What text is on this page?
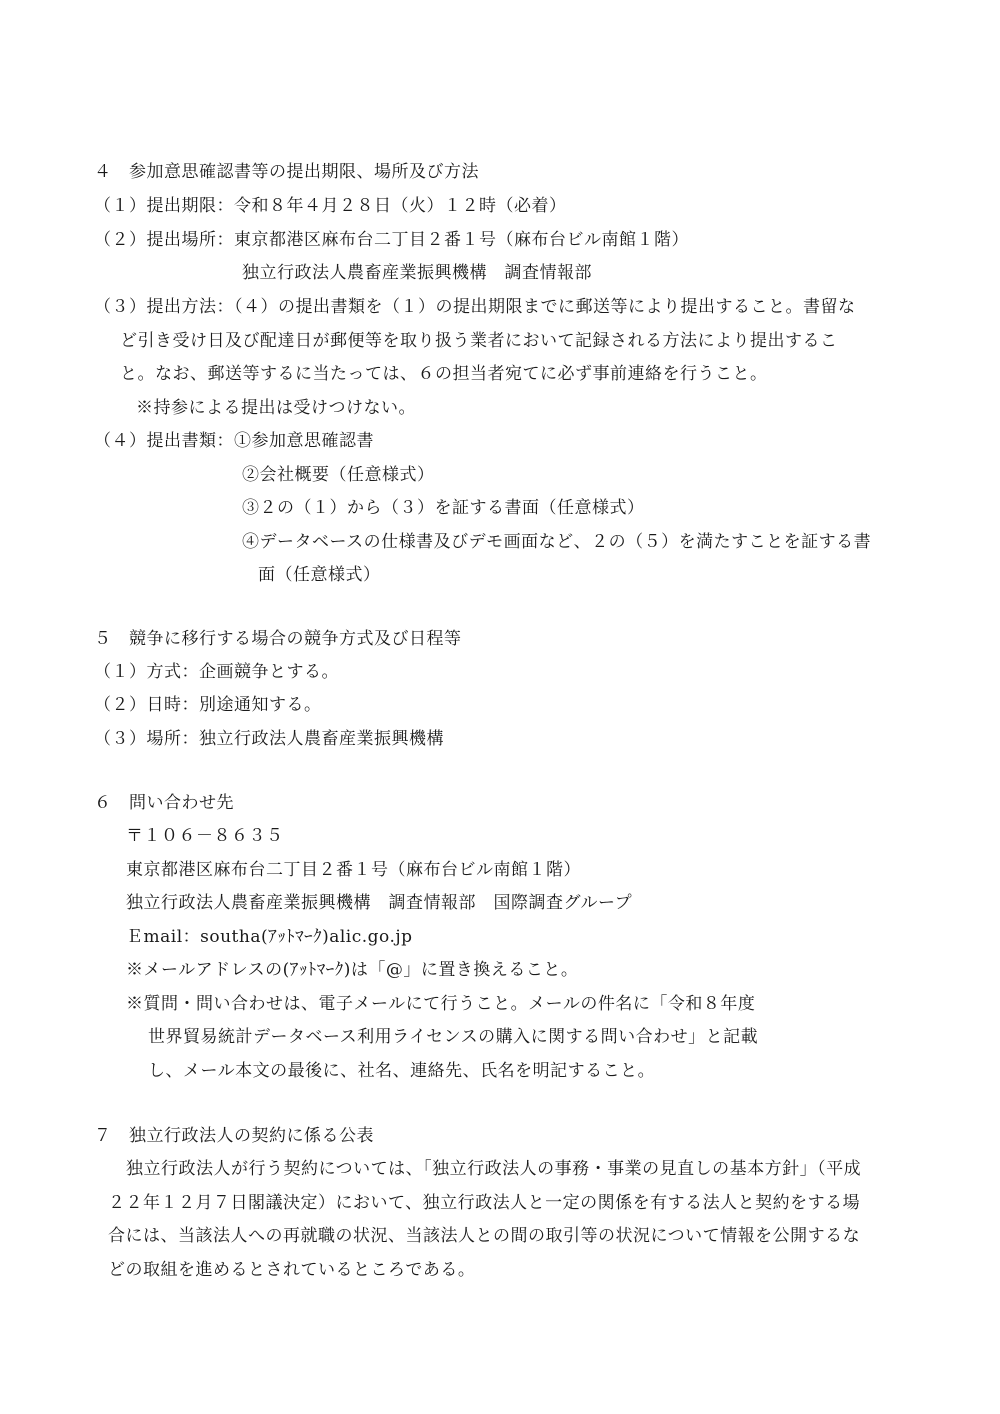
４　参加意思確認書等の提出期限、場所及び方法
（１）提出期限：令和８年４月２８日（火）１２時（必着）
（２）提出場所：東京都港区麻布台二丁目２番１号（麻布台ビル南館１階）
独立行政法人農畜産業振興機構　調査情報部
（３）提出方法：（４）の提出書類を（１）の提出期限までに郵送等により提出すること。書留な
ど引き受け日及び配達日が郵便等を取り扱う業者において記録される方法により提出するこ
と。なお、郵送等するに当たっては、６の担当者宛てに必ず事前連絡を行うこと。
※持参による提出は受けつけない。
（４）提出書類：①参加意思確認書
②会社概要（任意様式）
③２の（１）から（３）を証する書面（任意様式）
④データベースの仕様書及びデモ画面など、２の（５）を満たすことを証する書
面（任意様式）
５　競争に移行する場合の競争方式及び日程等
（１）方式：企画競争とする。
（２）日時：別途通知する。
（３）場所：独立行政法人農畜産業振興機構
６　問い合わせ先
〒１０６－８６３５
東京都港区麻布台二丁目２番１号（麻布台ビル南館１階）
独立行政法人農畜産業振興機構　調査情報部　国際調査グループ
Ｅmail：southa(ｱｯﾄﾏｰｸ)alic.go.jp
※メールアドレスの(ｱｯﾄﾏｰｸ)は「@」に置き換えること。
※質問・問い合わせは、電子メールにて行うこと。メールの件名に「令和８年度
世界貿易統計データベース利用ライセンスの購入に関する問い合わせ」と記載
し、メール本文の最後に、社名、連絡先、氏名を明記すること。
７　独立行政法人の契約に係る公表
独立行政法人が行う契約については、「独立行政法人の事務・事業の見直しの基本方針」（平成
２２年１２月７日閣議決定）において、独立行政法人と一定の関係を有する法人と契約をする場
合には、当該法人への再就職の状況、当該法人との間の取引等の状況について情報を公開するな
どの取組を進めるとされているところである。
